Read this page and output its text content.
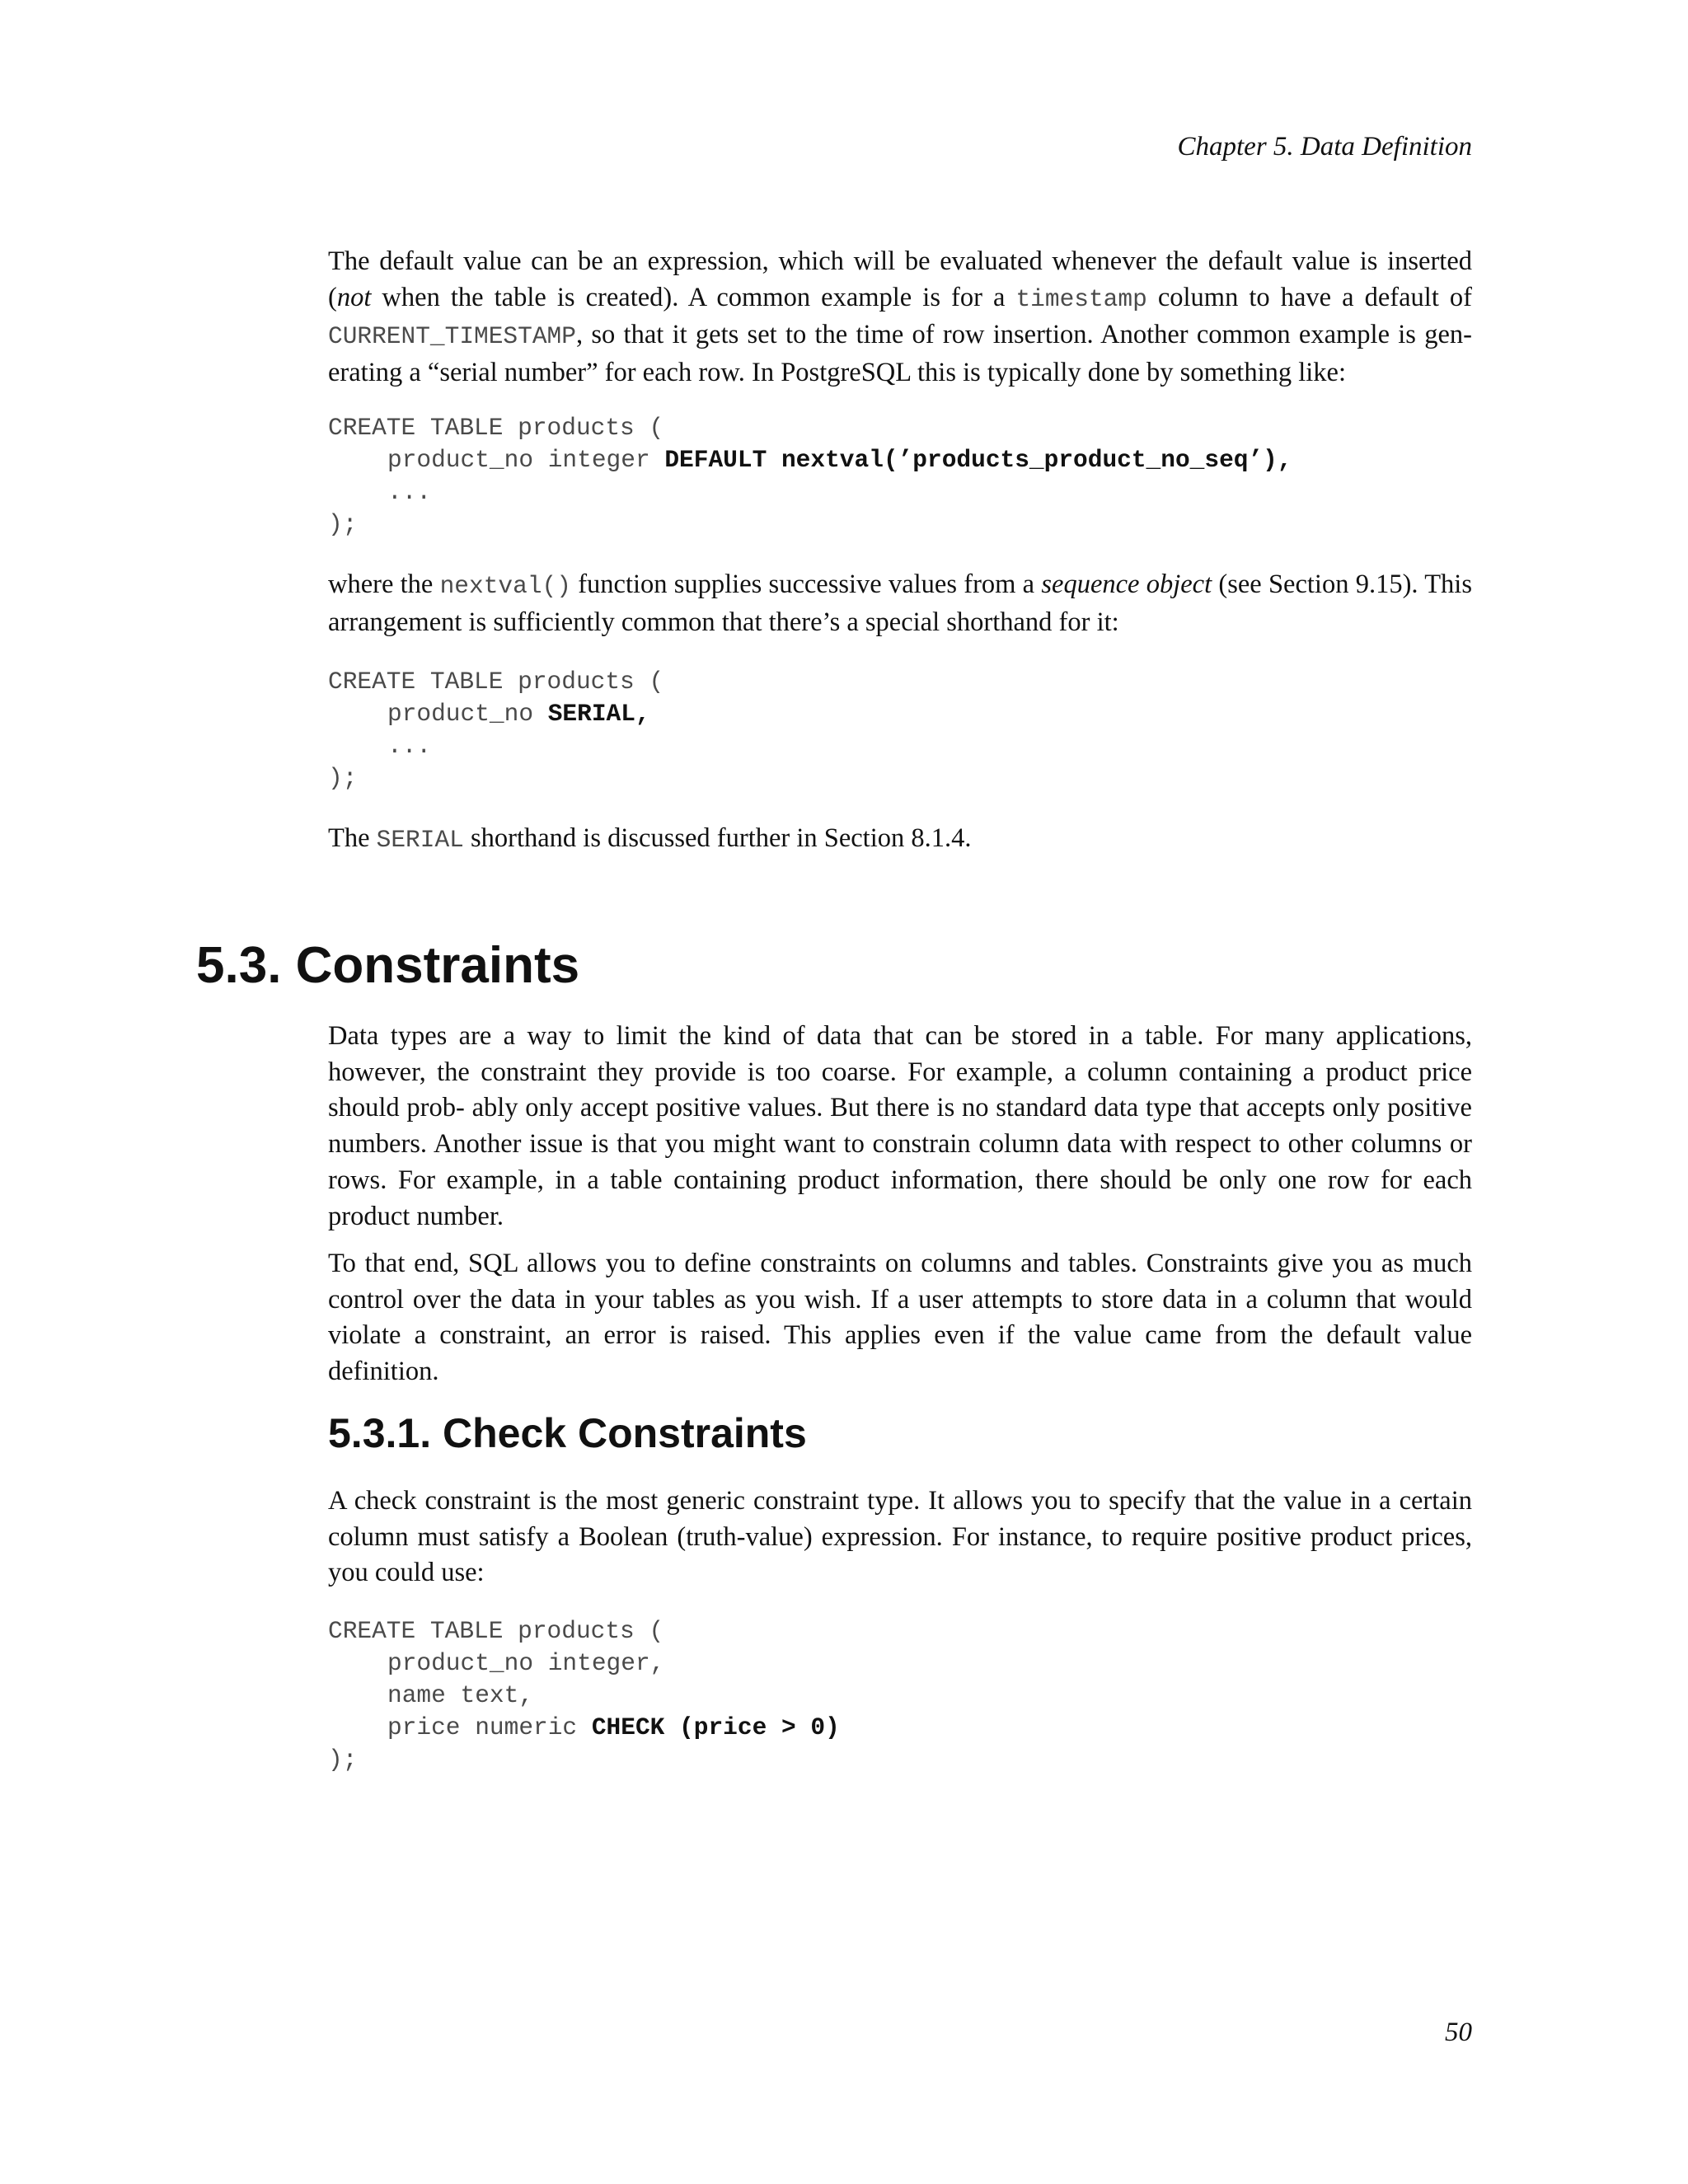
Chapter 5. Data Definition

The default value can be an expression, which will be evaluated whenever the default value is inserted (not when the table is created). A common example is for a timestamp column to have a default of CURRENT_TIMESTAMP, so that it gets set to the time of row insertion. Another common example is gen- erating a “serial number” for each row. In PostgreSQL this is typically done by something like:

CREATE TABLE products (
product_no integer DEFAULT nextval(’products_product_no_seq’),
...
);

where the nextval() function supplies successive values from a sequence object (see Section 9.15). This arrangement is sufficiently common that there’s a special shorthand for it:

CREATE TABLE products (
product_no SERIAL,
...
);

The SERIAL shorthand is discussed further in Section 8.1.4.

5.3. Constraints

Data types are a way to limit the kind of data that can be stored in a table. For many applications, however, the constraint they provide is too coarse. For example, a column containing a product price should prob- ably only accept positive values. But there is no standard data type that accepts only positive numbers. Another issue is that you might want to constrain column data with respect to other columns or rows. For example, in a table containing product information, there should be only one row for each product number.

To that end, SQL allows you to define constraints on columns and tables. Constraints give you as much control over the data in your tables as you wish. If a user attempts to store data in a column that would violate a constraint, an error is raised. This applies even if the value came from the default value definition.

5.3.1. Check Constraints

A check constraint is the most generic constraint type. It allows you to specify that the value in a certain column must satisfy a Boolean (truth-value) expression. For instance, to require positive product prices, you could use:

CREATE TABLE products (
product_no integer,
name text,
price numeric CHECK (price > 0)
);
50
